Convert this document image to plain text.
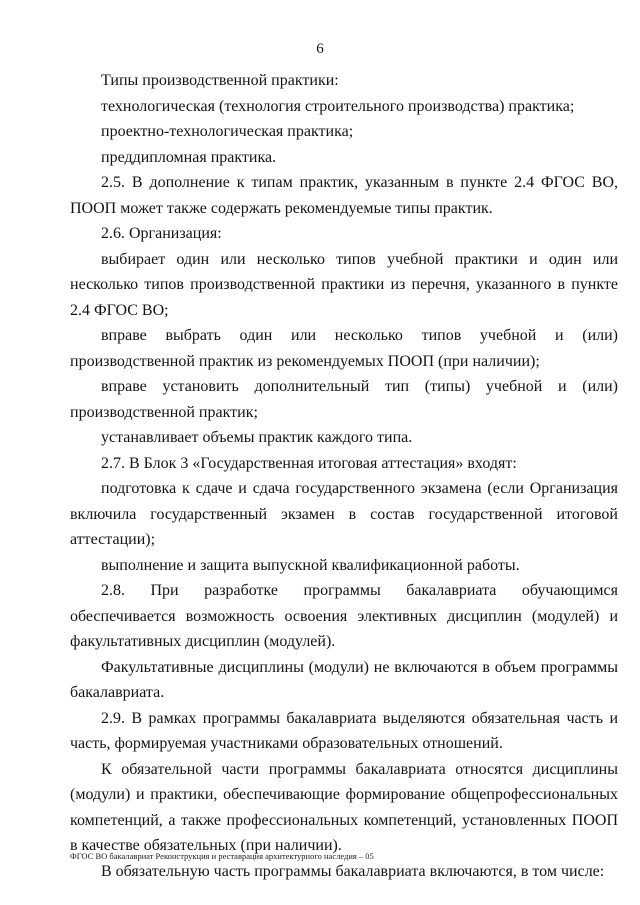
6

Типы производственной практики:

технологическая (технология строительного производства) практика;

проектно-технологическая практика;

преддипломная практика.

2.5. В дополнение к типам практик, указанным в пункте 2.4 ФГОС ВО, ПООП может также содержать рекомендуемые типы практик.

2.6. Организация:

выбирает один или несколько типов учебной практики и один или несколько типов производственной практики из перечня, указанного в пункте 2.4 ФГОС ВО;

вправе выбрать один или несколько типов учебной и (или) производственной практик из рекомендуемых ПООП (при наличии);

вправе установить дополнительный тип (типы) учебной и (или) производственной практик;

устанавливает объемы практик каждого типа.

2.7. В Блок 3 «Государственная итоговая аттестация» входят:

подготовка к сдаче и сдача государственного экзамена (если Организация включила государственный экзамен в состав государственной итоговой аттестации);

выполнение и защита выпускной квалификационной работы.

2.8. При разработке программы бакалавриата обучающимся обеспечивается возможность освоения элективных дисциплин (модулей) и факультативных дисциплин (модулей).

Факультативные дисциплины (модули) не включаются в объем программы бакалавриата.

2.9. В рамках программы бакалавриата выделяются обязательная часть и часть, формируемая участниками образовательных отношений.

К обязательной части программы бакалавриата относятся дисциплины (модули) и практики, обеспечивающие формирование общепрофессиональных компетенций, а также профессиональных компетенций, установленных ПООП в качестве обязательных (при наличии).

В обязательную часть программы бакалавриата включаются, в том числе:

ФГОС ВО бакалавриат Реконструкция и реставрация архитектурного наследия – 05
